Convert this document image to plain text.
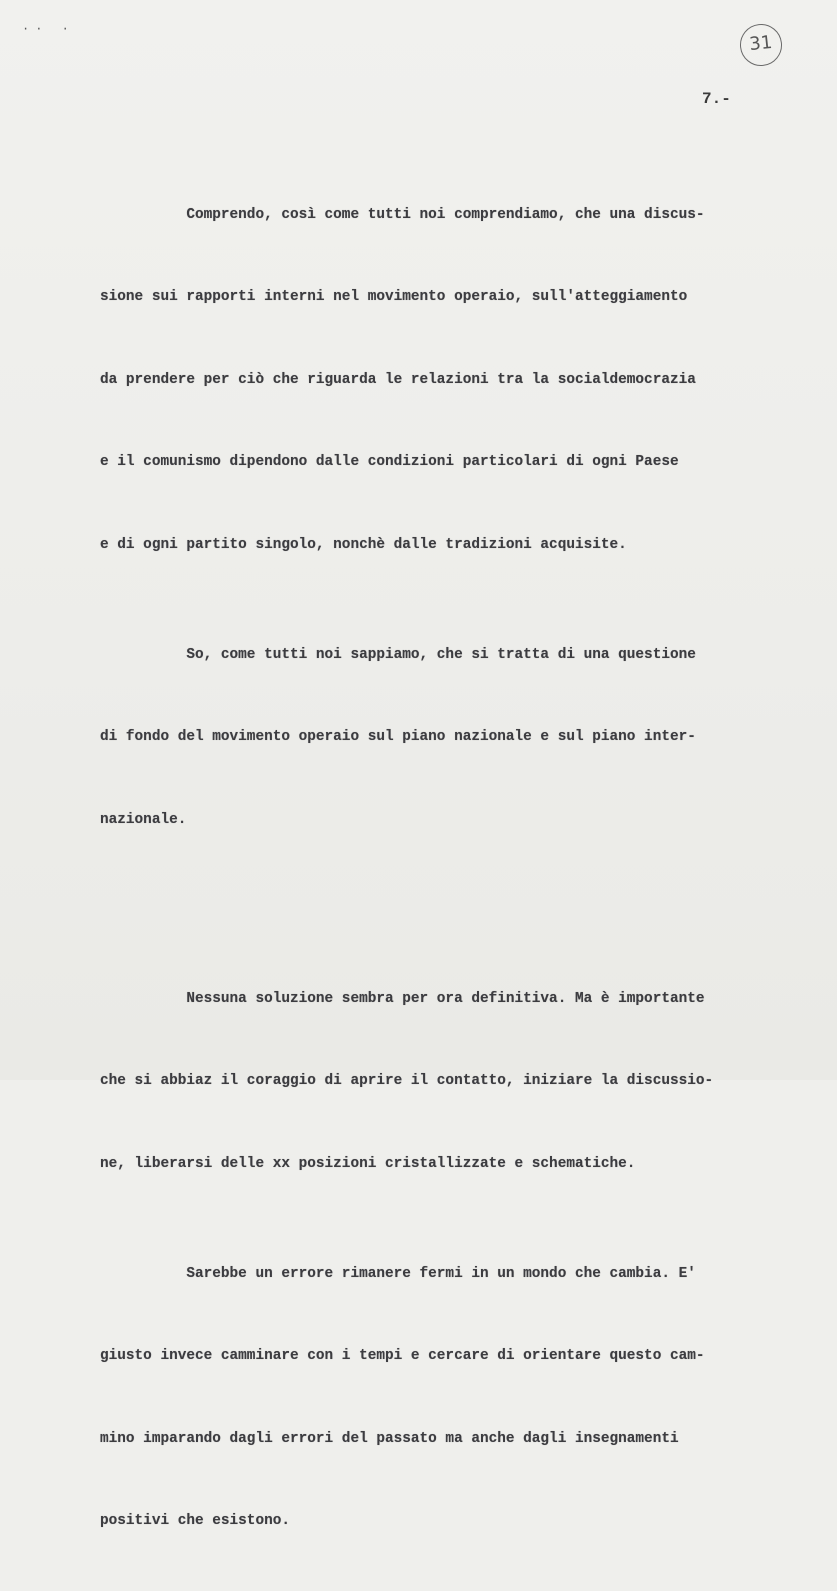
·· ·
31
7.-

Comprendo, così come tutti noi comprendiamo, che una discus-

sione sui rapporti interni nel movimento operaio, sull'atteggiamento

da prendere per ciò che riguarda le relazioni tra la socialdemocrazia

e il comunismo dipendono dalle condizioni particolari di ogni Paese

e di ogni partito singolo, nonchè dalle tradizioni acquisite.

So, come tutti noi sappiamo, che si tratta di una questione

di fondo del movimento operaio sul piano nazionale e sul piano inter-

nazionale.

Nessuna soluzione sembra per ora definitiva. Ma è importante

che si abbiaz il coraggio di aprire il contatto, iniziare la discussio-

ne, liberarsi delle xx posizioni cristallizzate e schematiche.

Sarebbe un errore rimanere fermi in un mondo che cambia. E'

giusto invece camminare con i tempi e cercare di orientare questo cam-

mino imparando dagli errori del passato ma anche dagli insegnamenti

positivi che esistono.
